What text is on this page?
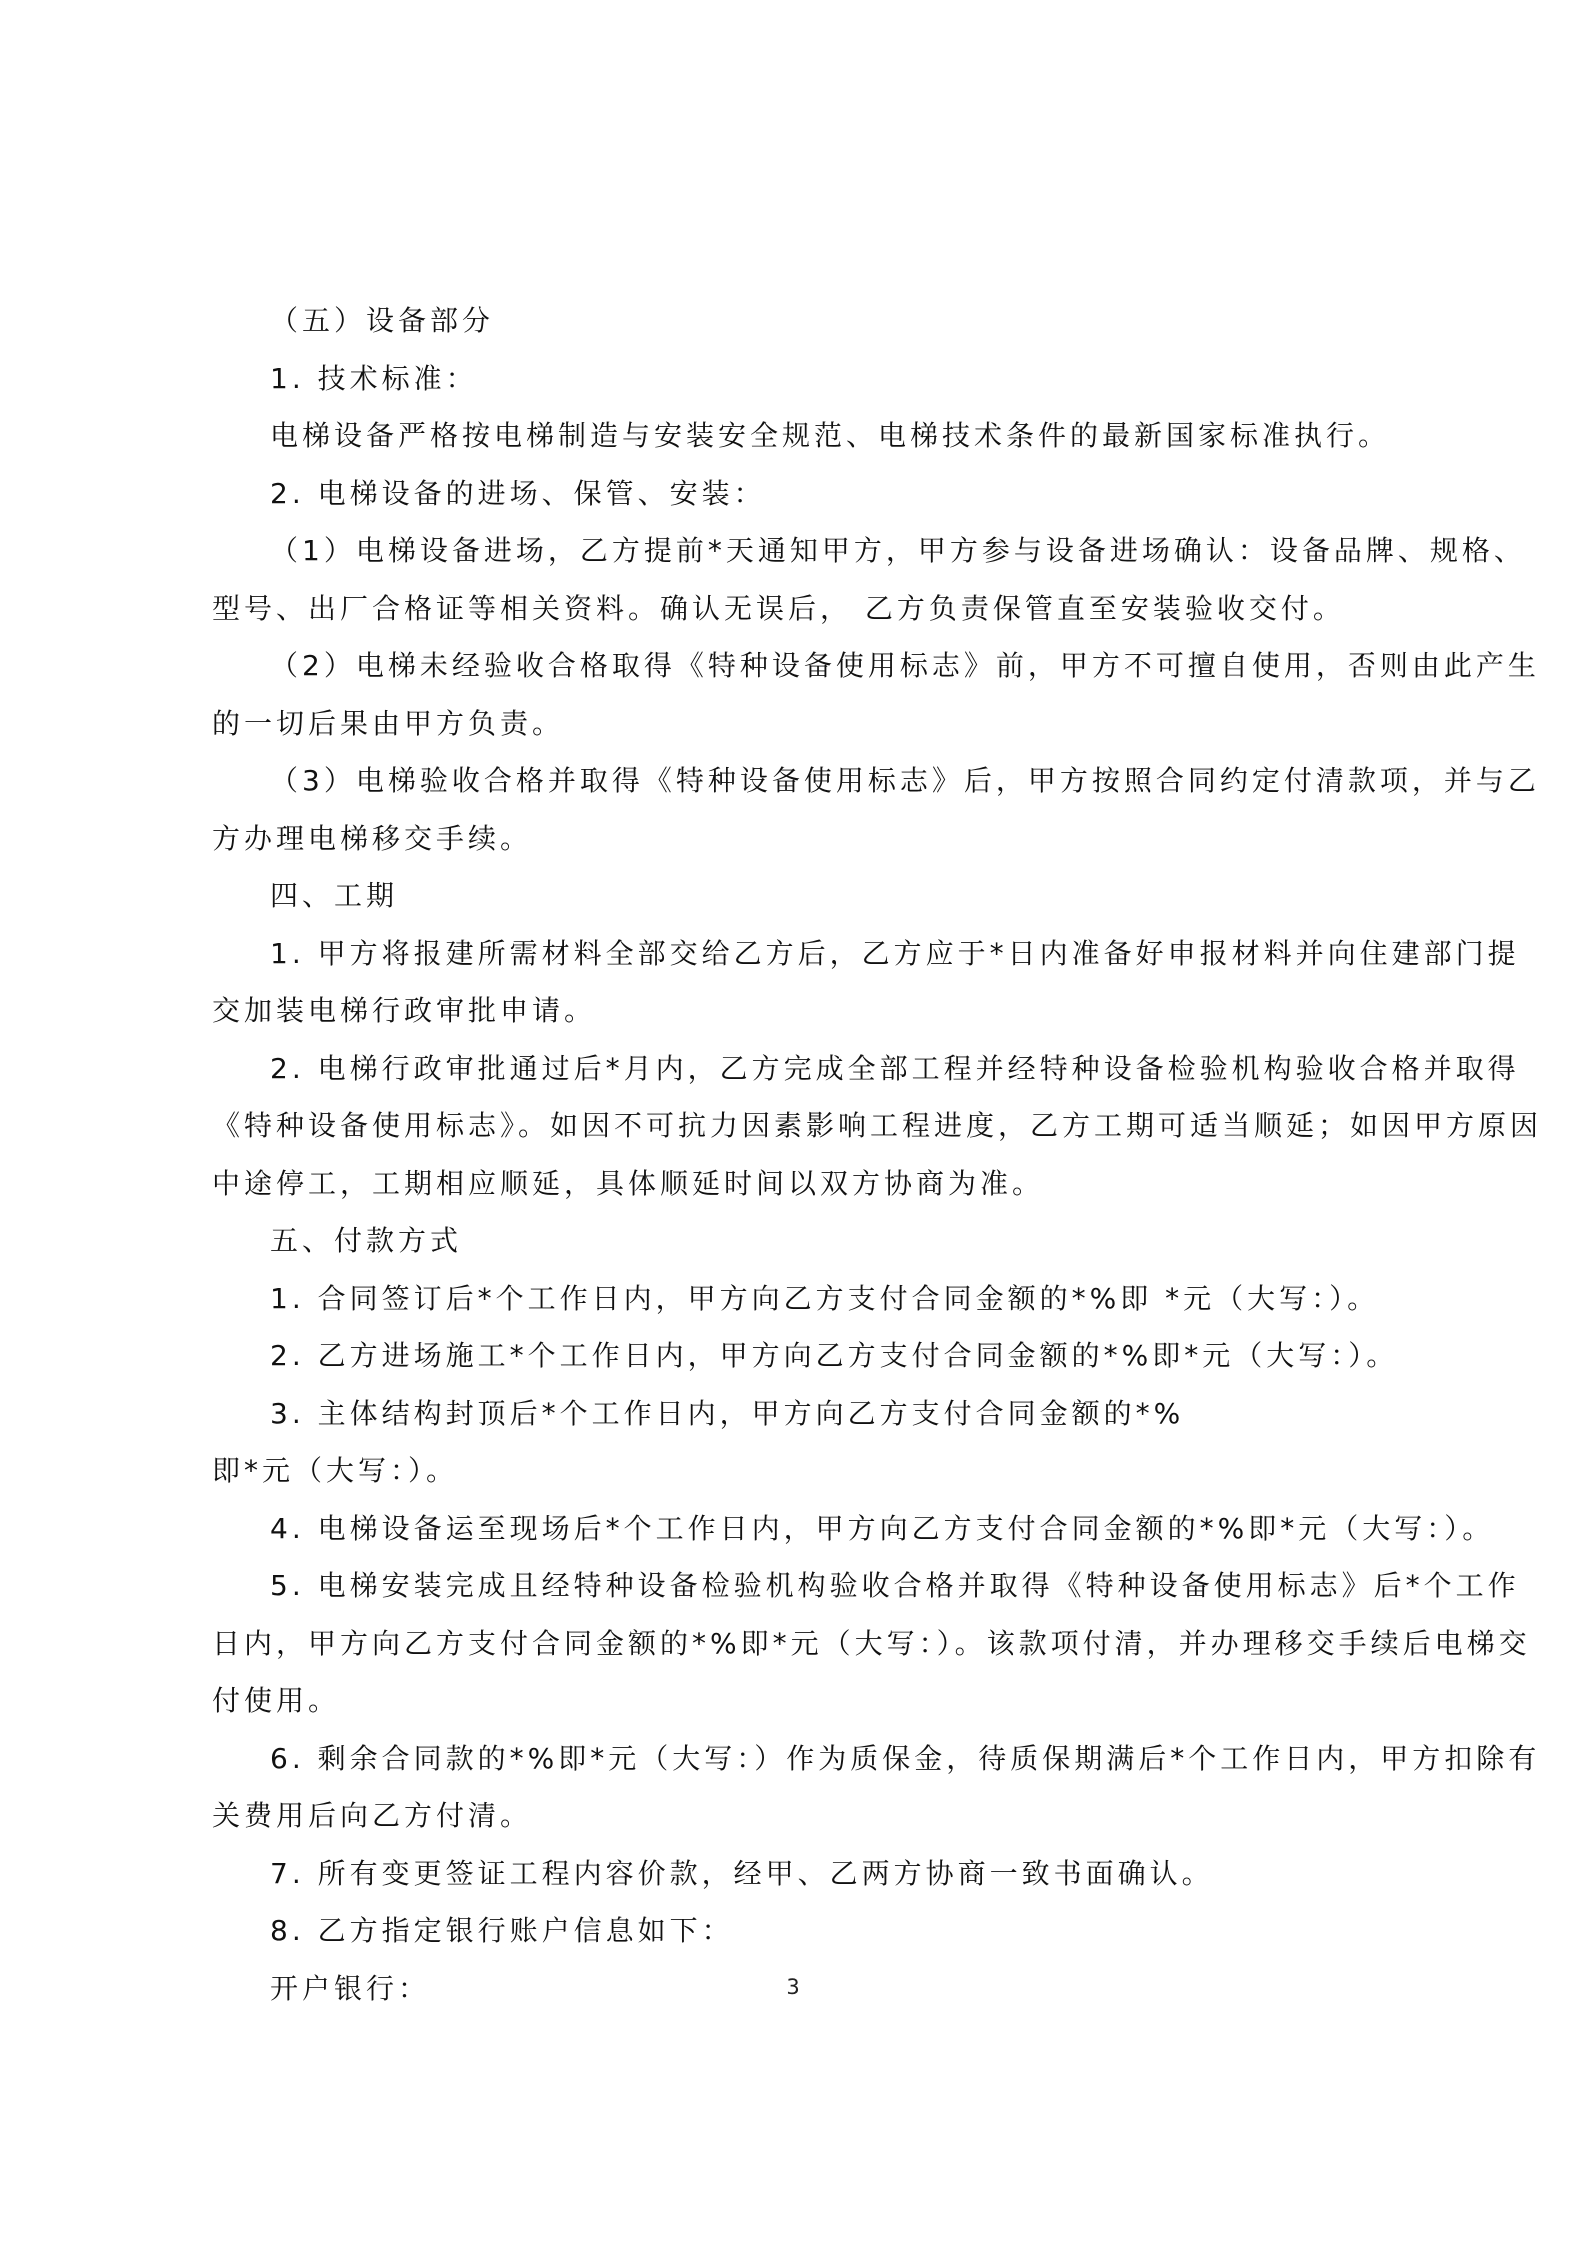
（五）设备部分
1. 技术标准：
电梯设备严格按电梯制造与安装安全规范、电梯技术条件的最新国家标准执行。
2. 电梯设备的进场、保管、安装：
（1）电梯设备进场，乙方提前*天通知甲方，甲方参与设备进场确认：设备品牌、规格、
型号、出厂合格证等相关资料。确认无误后， 乙方负责保管直至安装验收交付。
（2）电梯未经验收合格取得《特种设备使用标志》前，甲方不可擅自使用，否则由此产生
的一切后果由甲方负责。
（3）电梯验收合格并取得《特种设备使用标志》后，甲方按照合同约定付清款项，并与乙
方办理电梯移交手续。
四、工期
1. 甲方将报建所需材料全部交给乙方后，乙方应于*日内准备好申报材料并向住建部门提
交加装电梯行政审批申请。
2. 电梯行政审批通过后*月内，乙方完成全部工程并经特种设备检验机构验收合格并取得
《特种设备使用标志》。如因不可抗力因素影响工程进度，乙方工期可适当顺延；如因甲方原因
中途停工，工期相应顺延，具体顺延时间以双方协商为准。
五、付款方式
1. 合同签订后*个工作日内，甲方向乙方支付合同金额的*%即 *元（大写：）。
2. 乙方进场施工*个工作日内，甲方向乙方支付合同金额的*%即*元（大写：）。
3. 主体结构封顶后*个工作日内，甲方向乙方支付合同金额的*%
即*元（大写：）。
4. 电梯设备运至现场后*个工作日内，甲方向乙方支付合同金额的*%即*元（大写：）。
5. 电梯安装完成且经特种设备检验机构验收合格并取得《特种设备使用标志》后*个工作
日内，甲方向乙方支付合同金额的*%即*元（大写：）。该款项付清，并办理移交手续后电梯交
付使用。
6. 剩余合同款的*%即*元（大写：）作为质保金，待质保期满后*个工作日内，甲方扣除有
关费用后向乙方付清。
7. 所有变更签证工程内容价款，经甲、乙两方协商一致书面确认。
8. 乙方指定银行账户信息如下：
开户银行：	3
